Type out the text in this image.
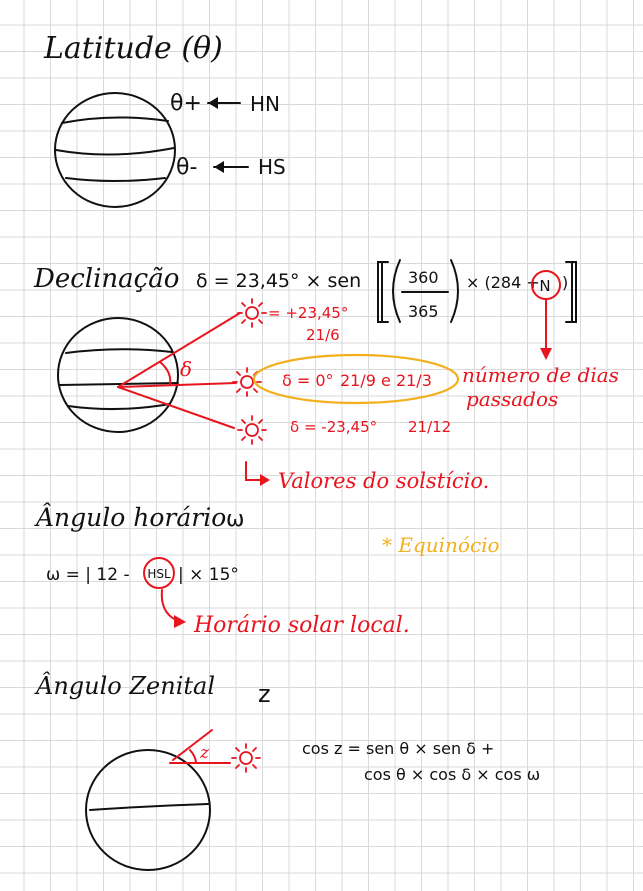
Latitude (θ)
θ+ HN
θ-	HS
Declinação δ = 23,45° × sen	360
365
× (284 + N )
δ
= +23,45°
21/6
δ = 0° 21/9 e 21/3
δ = -23,45° 21/12
número de dias
passados
Valores do solstício.
Ângulo horário ω
* Equinócio
ω = | 12 - HSL | × 15°
Horário solar local.
Ângulo Zenital z
z	cos z = sen θ × sen δ +
cos θ × cos δ × cos ω
